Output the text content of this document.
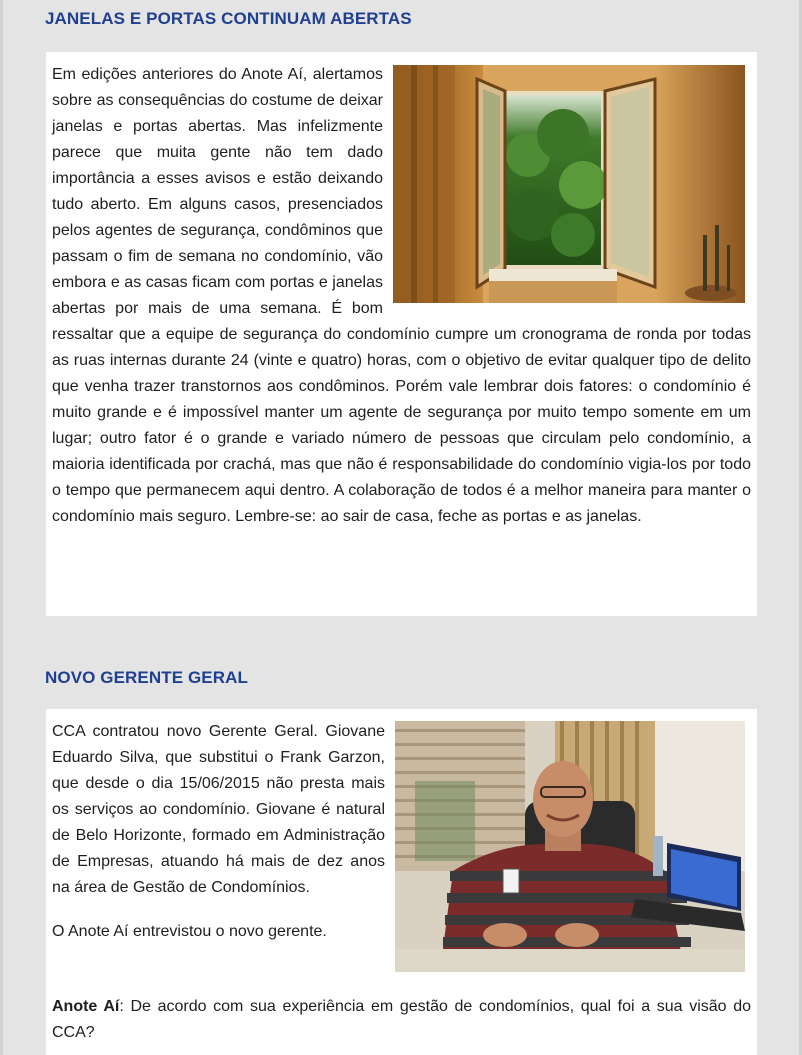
JANELAS E PORTAS CONTINUAM ABERTAS

Em edições anteriores do Anote Aí, alertamos sobre as consequências do costume de deixar janelas e portas abertas. Mas infelizmente parece que muita gente não tem dado importância a esses avisos e estão deixando tudo aberto. Em alguns casos, presenciados pelos agentes de segurança, condôminos que passam o fim de semana no condomínio, vão embora e as casas ficam com portas e janelas abertas por mais de uma semana. É bom ressaltar que a equipe de segurança do condomínio cumpre um cronograma de ronda por todas as ruas internas durante 24 (vinte e quatro) horas, com o objetivo de evitar qualquer tipo de delito que venha trazer transtornos aos condôminos. Porém vale lembrar dois fatores: o condomínio é muito grande e é impossível manter um agente de segurança por muito tempo somente em um lugar; outro fator é o grande e variado número de pessoas que circulam pelo condomínio, a maioria identificada por crachá, mas que não é responsabilidade do condomínio vigia-los por todo o tempo que permanecem aqui dentro. A colaboração de todos é a melhor maneira para manter o condomínio mais seguro. Lembre-se: ao sair de casa, feche as portas e as janelas.

NOVO GERENTE GERAL

CCA contratou novo Gerente Geral. Giovane Eduardo Silva, que substitui o Frank Garzon, que desde o dia 15/06/2015 não presta mais os serviços ao condomínio. Giovane é natural de Belo Horizonte, formado em Administração de Empresas, atuando há mais de dez anos na área de Gestão de Condomínios.

O Anote Aí entrevistou o novo gerente.

Anote Aí: De acordo com sua experiência em gestão de condomínios, qual foi a sua visão do CCA?
